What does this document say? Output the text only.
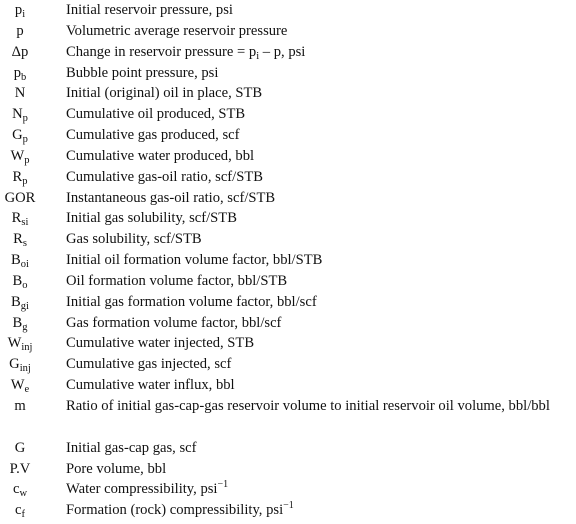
$p_i$	Initial reservoir pressure, psi
p	Volumetric average reservoir pressure
Δp	Change in reservoir pressure = $p_i$ – p, psi
$p_b$	Bubble point pressure, psi
N	Initial (original) oil in place, STB
$N_p$	Cumulative oil produced, STB
$G_p$	Cumulative gas produced, scf
$W_p$	Cumulative water produced, bbl
$R_p$	Cumulative gas-oil ratio, scf/STB
GOR	Instantaneous gas-oil ratio, scf/STB
$R_{si}$	Initial gas solubility, scf/STB
$R_s$	Gas solubility, scf/STB
$B_{oi}$	Initial oil formation volume factor, bbl/STB
$B_o$	Oil formation volume factor, bbl/STB
$B_{gi}$	Initial gas formation volume factor, bbl/scf
$B_g$	Gas formation volume factor, bbl/scf
$W_{inj}$	Cumulative water injected, STB
$G_{inj}$	Cumulative gas injected, scf
$W_e$	Cumulative water influx, bbl
m	Ratio of initial gas-cap-gas reservoir volume to initial reservoir oil volume, bbl/bbl
G	Initial gas-cap gas, scf
P.V	Pore volume, bbl
$c_w$	Water compressibility, psi$^{-1}$
$c_f$	Formation (rock) compressibility, psi$^{-1}$
